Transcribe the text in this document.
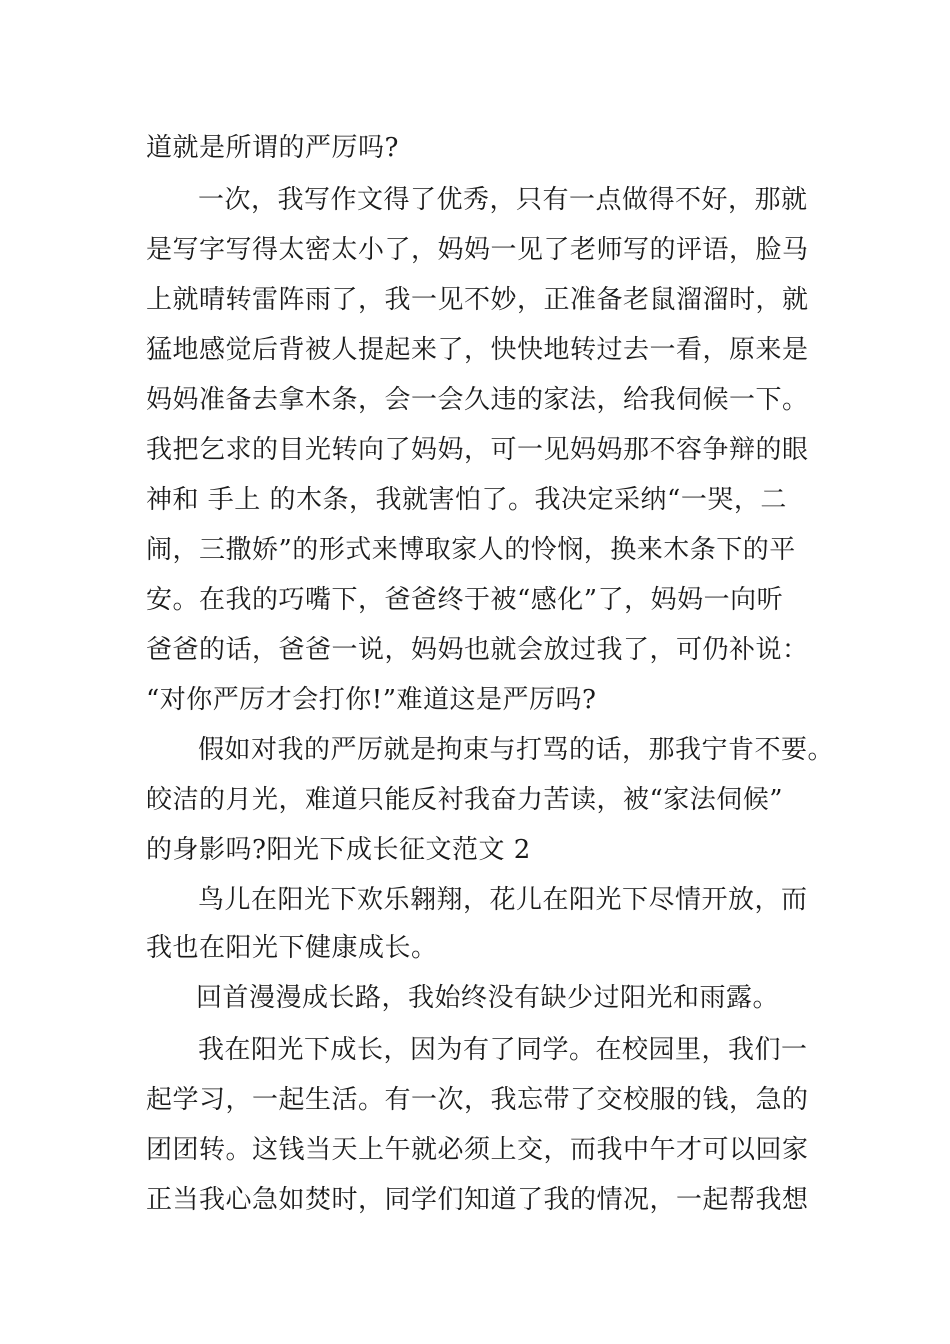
道就是所谓的严厉吗?
一次，我写作文得了优秀，只有一点做得不好，那就
是写字写得太密太小了，妈妈一见了老师写的评语，脸马
上就晴转雷阵雨了，我一见不妙，正准备老鼠溜溜时，就
猛地感觉后背被人提起来了，快快地转过去一看，原来是
妈妈准备去拿木条，会一会久违的家法，给我伺候一下。
我把乞求的目光转向了妈妈，可一见妈妈那不容争辩的眼
神和 手上 的木条，我就害怕了。我决定采纳“一哭，二
闹，三撒娇”的形式来博取家人的怜悯，换来木条下的平
安。在我的巧嘴下，爸爸终于被“感化”了，妈妈一向听
爸爸的话，爸爸一说，妈妈也就会放过我了，可仍补说：
“对你严厉才会打你!”难道这是严厉吗?
假如对我的严厉就是拘束与打骂的话，那我宁肯不要。
皎洁的月光，难道只能反衬我奋力苦读，被“家法伺候”
的身影吗?阳光下成长征文范文 2
鸟儿在阳光下欢乐翱翔，花儿在阳光下尽情开放，而
我也在阳光下健康成长。
回首漫漫成长路，我始终没有缺少过阳光和雨露。
我在阳光下成长，因为有了同学。在校园里，我们一
起学习，一起生活。有一次，我忘带了交校服的钱，急的
团团转。这钱当天上午就必须上交，而我中午才可以回家
正当我心急如焚时，同学们知道了我的情况，一起帮我想
